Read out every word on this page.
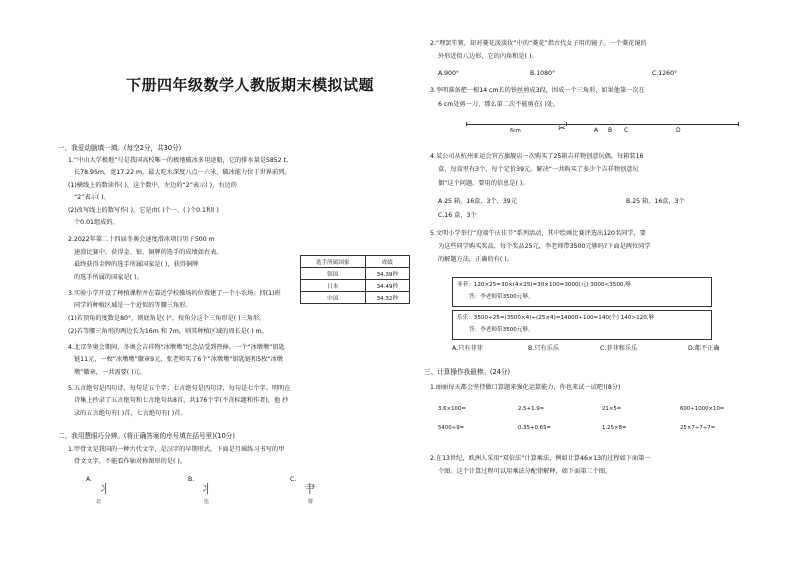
下册四年级数学人教版期末模拟试题
一、我爱动脑填一填。(每空2分，共30分)
1.“中山大学极地”号是我国高校唯一的极地破冰多用途船，它的排水量是5852 t,
长78.95m，宽17.22 m，最大吃水深度八点一六米，破冰能力位于世界前列。
(1)横线上的数读作( )，这个数中，左边的“2”表示( )，右边的
“2”表示( )。
(2)改写线上的数写作( )，它是由( )个一、( )个0.1和( )
个0.01组成的。
2.2022年第二十四届冬奥会速度滑冰项目男子500 m
速滑比赛中，获得金、银、铜牌的选手的成绩如右表。
最终获得金牌的选手所属国家是( )，获得铜牌
的选手所属的国家是( )。
选手所属国家	成绩
韩国	34.39秒
日本	34.49秒
中国	34.32秒
3.实验小学开设了种植课程并在靠近学校操场的位置建了一个小农场。四(1)班
同学的种植区域是一个近似的等腰三角形。
(1)若顶角的度数是80°，则底角是( )°，按角分这个三角形是( )三角形。
(2)若等腰三角形的两边长为16m 和 7m，则其种植区域的周长是( ) m。
4.北京冬奥会期间，冬奥会吉祥物“冰墩墩”纪念品受到热捧。一个“冰墩墩”钥匙
链11元，一枚“冰墩墩”徽章9元，张老师买了6个“冰墩墩”钥匙链和5枚“冰墩
墩”徽章，一共需要( )元。
5.五言绝句是四句诗，每句是五个字；七言绝句是四句诗，每句是七个字。明明在
诗集上抄录了五言绝句和七言绝句共8首，共176个字(不含标题和作者)，他 抄
录的五言绝句有( )首，七言绝句有( )首。
二、我用慧眼巧分辨。(将正确答案的序号填在括号里)(10分)
1.甲骨文是我国的一种古代文字，是汉字的早期形式。下面是月瑶练习书写的甲
骨文文字，不能看作轴对称图形的是( )。
A.
⺦
北
B.
⺦
比
C.
⺺
射
2.“理罢笙簧，却对菱花淡淡妆”中的“菱花”指古代女子用的镜子。一个菱花镜的
外形近似八边形，它的内角和是( )。
A.900°	B.1080°	C.1260°
3.李明准备把一根14 cm长的铁丝剪成3段，围成一个三角形，如果他第一次在
6 cm处剪一刀，那么第二次不能剪在( )处。
6cm	✂	A B C	D
4.某公司从杭州亚运会官方旗舰店一次购买了25箱吉祥物创意玩偶，每箱装16
盒，每盒里有3个，每个定价39元。解决“一共购买了多少个吉祥物创意玩
偶”这个问题，要用的信息是( )。
A.25 箱，16盒，3个，39元	B.25 箱，16盒，3个
C.16 盒，3个
5.文明小学举行“迎端午庆佳节”系列活动，其中绘画比赛评选出120名同学，要
为这些同学购买奖品，每个奖品25元，李老师带3500元够吗?下面是两位同学
的解题方法，正确的有( )。
菲菲：120×25=30×(4×25)=30×100=3000(元) 3000<3500,够
答：李老师带3500元够。
乐乐：3500÷25=(3500×4)÷(25×4)=14000÷100=140(个) 140>120,够
答：李老师带3500元够。
A.只有菲菲	B.只有乐乐	C.菲菲和乐乐	D.都不正确
三、计算操作我最棒。(24分)
1.丽丽每天都会坚持做口算题来强化运算能力，你也来试一试吧!(8分)
3.6×100=	2.5+1.9=	21×5=	600÷1000×10=
5400÷9=	0.35+0.65=	1.25×8=	25×7÷7÷7=
2.在13世纪，欧洲人采用“双倍法”计算乘法，例如计算46×13的过程如下面第一
个图。这个计算过程可以用乘法分配律解释，如下面第二个图。
